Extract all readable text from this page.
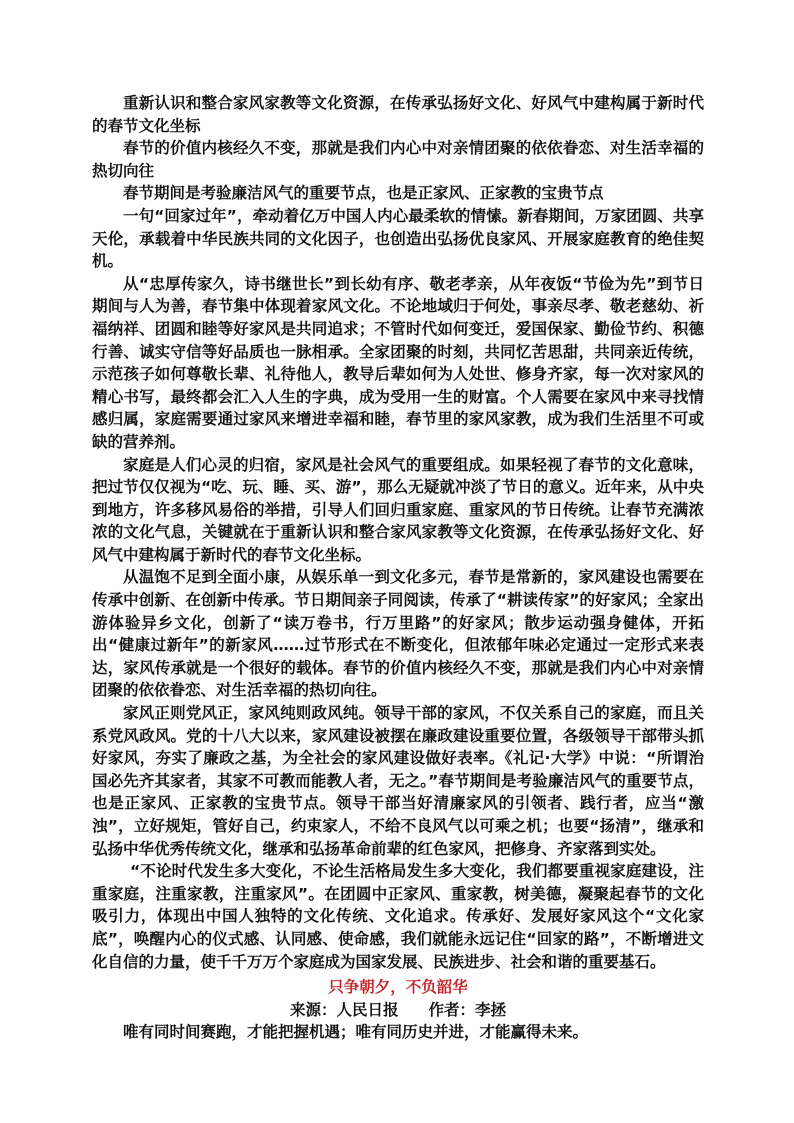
重新认识和整合家风家教等文化资源，在传承弘扬好文化、好风气中建构属于新时代的春节文化坐标

春节的价值内核经久不变，那就是我们内心中对亲情团聚的依依眷恋、对生活幸福的热切向往

春节期间是考验廉洁风气的重要节点，也是正家风、正家教的宝贵节点

一句“回家过年”，牵动着亿万中国人内心最柔软的情愫。新春期间，万家团圆、共享天伦，承载着中华民族共同的文化因子，也创造出弘扬优良家风、开展家庭教育的绝佳契机。

从“忠厚传家久，诗书继世长”到长幼有序、敬老孝亲，从年夜饭“节俭为先”到节日期间与人为善，春节集中体现着家风文化。不论地域归于何处，事亲尽孝、敬老慈幼、祈福纳祥、团圆和睦等好家风是共同追求；不管时代如何变迁，爱国保家、勤俭节约、积德行善、诚实守信等好品质也一脉相承。全家团聚的时刻，共同忆苦思甜，共同亲近传统，示范孩子如何尊敬长辈、礼待他人，教导后辈如何为人处世、修身齐家，每一次对家风的精心书写，最终都会汇入人生的字典，成为受用一生的财富。个人需要在家风中来寻找情感归属，家庭需要通过家风来增进幸福和睦，春节里的家风家教，成为我们生活里不可或缺的营养剂。

家庭是人们心灵的归宿，家风是社会风气的重要组成。如果轻视了春节的文化意味，把过节仅仅视为“吃、玩、睡、买、游”，那么无疑就冲淡了节日的意义。近年来，从中央到地方，许多移风易俗的举措，引导人们回归重家庭、重家风的节日传统。让春节充满浓浓的文化气息，关键就在于重新认识和整合家风家教等文化资源，在传承弘扬好文化、好风气中建构属于新时代的春节文化坐标。

从温饱不足到全面小康，从娱乐单一到文化多元，春节是常新的，家风建设也需要在传承中创新、在创新中传承。节日期间亲子同阅读，传承了“耕读传家”的好家风；全家出游体验异乡文化，创新了“读万卷书，行万里路”的好家风；散步运动强身健体，开拓出“健康过新年”的新家风……过节形式在不断变化，但浓郁年味必定通过一定形式来表达，家风传承就是一个很好的载体。春节的价值内核经久不变，那就是我们内心中对亲情团聚的依依眷恋、对生活幸福的热切向往。

家风正则党风正，家风纯则政风纯。领导干部的家风，不仅关系自己的家庭，而且关系党风政风。党的十八大以来，家风建设被摆在廉政建设重要位置，各级领导干部带头抓好家风，夯实了廉政之基，为全社会的家风建设做好表率。《礼记·大学》中说：“所谓治国必先齐其家者，其家不可教而能教人者，无之。”春节期间是考验廉洁风气的重要节点，也是正家风、正家教的宝贵节点。领导干部当好清廉家风的引领者、践行者，应当“激浊”，立好规矩，管好自己，约束家人，不给不良风气以可乘之机；也要“扬清”，继承和弘扬中华优秀传统文化，继承和弘扬革命前辈的红色家风，把修身、齐家落到实处。

“不论时代发生多大变化，不论生活格局发生多大变化，我们都要重视家庭建设，注重家庭，注重家教，注重家风”。在团圆中正家风、重家教，树美德，凝聚起春节的文化吸引力，体现出中国人独特的文化传统、文化追求。传承好、发展好家风这个“文化家底”，唤醒内心的仪式感、认同感、使命感，我们就能永远记住“回家的路”，不断增进文化自信的力量，使千千万万个家庭成为国家发展、民族进步、社会和谐的重要基石。

只争朝夕，不负韶华

来源：人民日报 作者：李拯

唯有同时间赛跑，才能把握机遇；唯有同历史并进，才能赢得未来。
